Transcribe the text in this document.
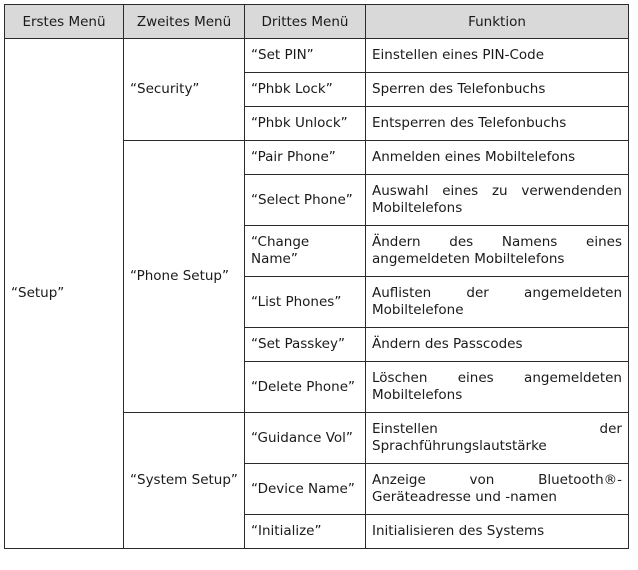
Erstes Menü	Zweites Menü	Drittes Menü	Funktion
“Setup”	“Security”	“Set PIN”	Einstellen eines PIN-Code
		“Phbk Lock”	Sperren des Telefonbuchs
		“Phbk Unlock”	Entsperren des Telefonbuchs
	“Phone Setup”	“Pair Phone”	Anmelden eines Mobiltelefons
		“Select Phone”	Auswahl eines zu verwendenden Mobiltelefons
		“Change Name”	Ändern des Namens eines angemeldeten Mobiltelefons
		“List Phones”	Auflisten der angemeldeten Mobiltelefone
		“Set Passkey”	Ändern des Passcodes
		“Delete Phone”	Löschen eines angemeldeten Mobiltelefons
	“System Setup”	“Guidance Vol”	Einstellen der Sprachführungslautstärke
		“Device Name”	Anzeige von Bluetooth®-Geräteadresse und -namen
		“Initialize”	Initialisieren des Systems
